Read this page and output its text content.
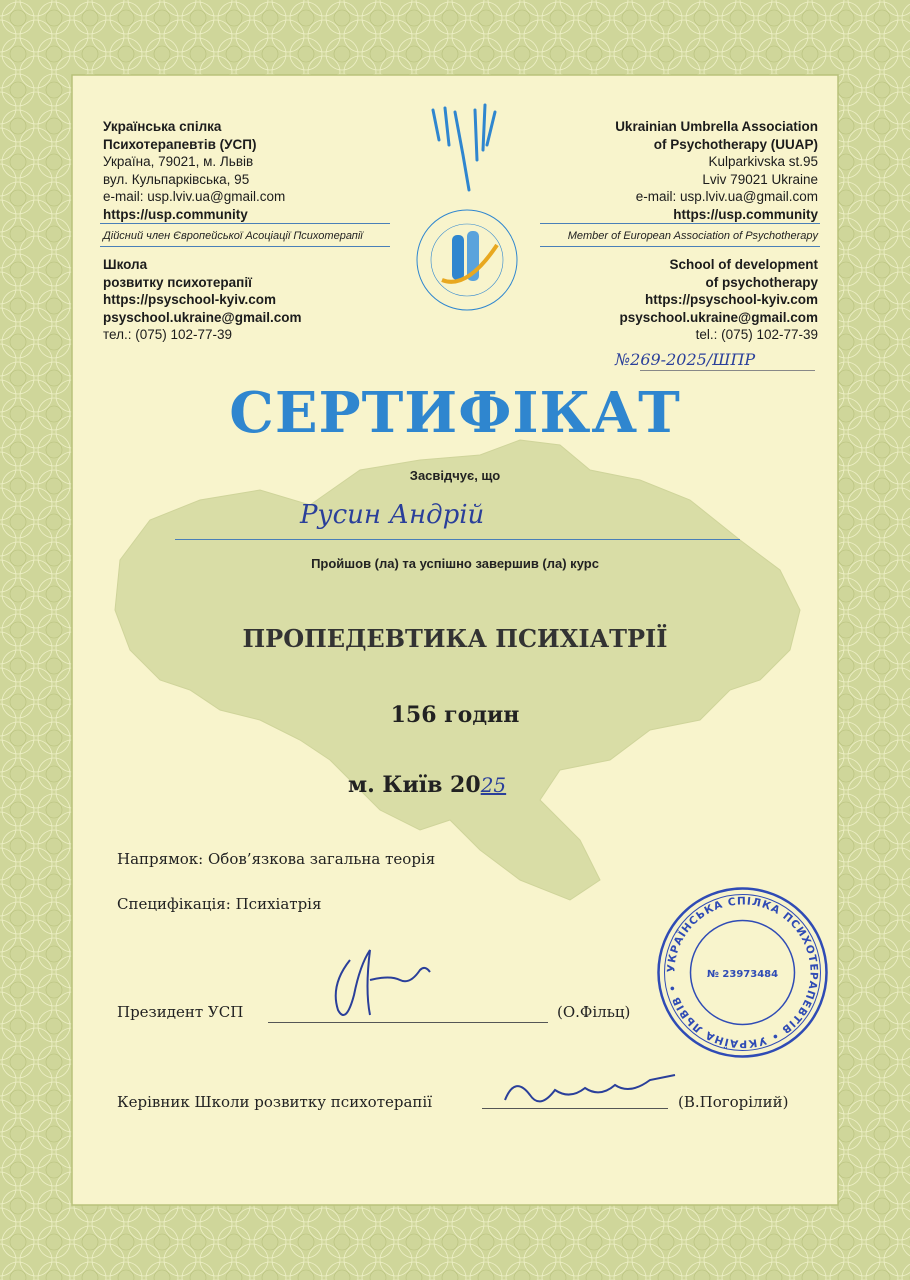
Українська спілка
Психотерапевтів (УСП)
Україна, 79021, м. Львів
вул. Кульпарківська, 95
e-mail: usp.lviv.ua@gmail.com
https://usp.community
Дійсний член Європейської Асоціації Психотерапії
Школа
розвитку психотерапії
https://psyschool-kyiv.com
psyschool.ukraine@gmail.com
тел.: (075) 102-77-39
Ukrainian Umbrella Association
of Psychotherapy (UUAP)
Kulparkivska st.95
Lviv 79021 Ukraine
e-mail: usp.lviv.ua@gmail.com
https://usp.community
Member of European Association of Psychotherapy
School of development
of psychotherapy
https://psyschool-kyiv.com
psyschool.ukraine@gmail.com
tel.: (075) 102-77-39
№269-2025/ШПР
СЕРТИФІКАТ
Засвідчує, що
Русин Андрій
Пройшов (ла) та успішно завершив (ла) курс
ПРОПЕДЕВТИКА ПСИХІАТРІЇ
156 годин
м. Київ 2025
Напрямок: Обов’язкова загальна теорія
Специфікація: Психіатрія
Президент УСП	(О.Фільц)
Керівник Школи розвитку психотерапії	(В.Погорілий)
УКРАЇНСЬКА СПІЛКА ПСИХОТЕРАПЕВТІВ • УКРАЇНА ЛЬВІВ •
№ 23973484
